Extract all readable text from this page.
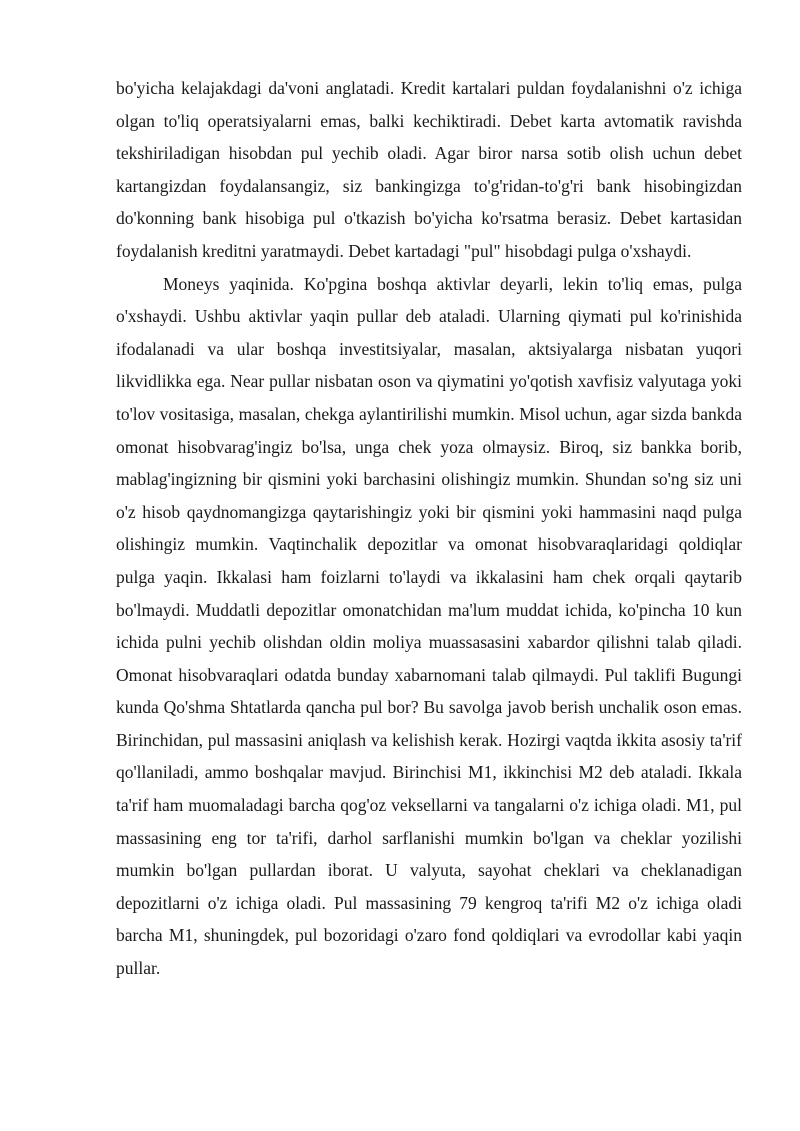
bo'yicha kelajakdagi da'voni anglatadi. Kredit kartalari puldan foydalanishni o'z ichiga olgan to'liq operatsiyalarni emas, balki kechiktiradi. Debet karta avtomatik ravishda tekshiriladigan hisobdan pul yechib oladi. Agar biror narsa sotib olish uchun debet kartangizdan foydalansangiz, siz bankingizga to'g'ridan-to'g'ri bank hisobingizdan do'konning bank hisobiga pul o'tkazish bo'yicha ko'rsatma berasiz. Debet kartasidan foydalanish kreditni yaratmaydi. Debet kartadagi "pul" hisobdagi pulga o'xshaydi.

Moneys yaqinida. Ko'pgina boshqa aktivlar deyarli, lekin to'liq emas, pulga o'xshaydi. Ushbu aktivlar yaqin pullar deb ataladi. Ularning qiymati pul ko'rinishida ifodalanadi va ular boshqa investitsiyalar, masalan, aktsiyalarga nisbatan yuqori likvidlikka ega. Near pullar nisbatan oson va qiymatini yo'qotish xavfisiz valyutaga yoki to'lov vositasiga, masalan, chekga aylantirilishi mumkin. Misol uchun, agar sizda bankda omonat hisobvarag'ingiz bo'lsa, unga chek yoza olmaysiz. Biroq, siz bankka borib, mablag'ingizning bir qismini yoki barchasini olishingiz mumkin. Shundan so'ng siz uni o'z hisob qaydnomangizga qaytarishingiz yoki bir qismini yoki hammasini naqd pulga olishingiz mumkin. Vaqtinchalik depozitlar va omonat hisobvaraqlaridagi qoldiqlar pulga yaqin. Ikkalasi ham foizlarni to'laydi va ikkalasini ham chek orqali qaytarib bo'lmaydi. Muddatli depozitlar omonatchidan ma'lum muddat ichida, ko'pincha 10 kun ichida pulni yechib olishdan oldin moliya muassasasini xabardor qilishni talab qiladi. Omonat hisobvaraqlari odatda bunday xabarnomani talab qilmaydi. Pul taklifi Bugungi kunda Qo'shma Shtatlarda qancha pul bor? Bu savolga javob berish unchalik oson emas. Birinchidan, pul massasini aniqlash va kelishish kerak. Hozirgi vaqtda ikkita asosiy ta'rif qo'llaniladi, ammo boshqalar mavjud. Birinchisi M1, ikkinchisi M2 deb ataladi. Ikkala ta'rif ham muomaladagi barcha qog'oz veksellarni va tangalarni o'z ichiga oladi. M1, pul massasining eng tor ta'rifi, darhol sarflanishi mumkin bo'lgan va cheklar yozilishi mumkin bo'lgan pullardan iborat. U valyuta, sayohat cheklari va cheklanadigan depozitlarni o'z ichiga oladi. Pul massasining 79 kengroq ta'rifi M2 o'z ichiga oladi barcha M1, shuningdek, pul bozoridagi o'zaro fond qoldiqlari va evrodollar kabi yaqin pullar.
